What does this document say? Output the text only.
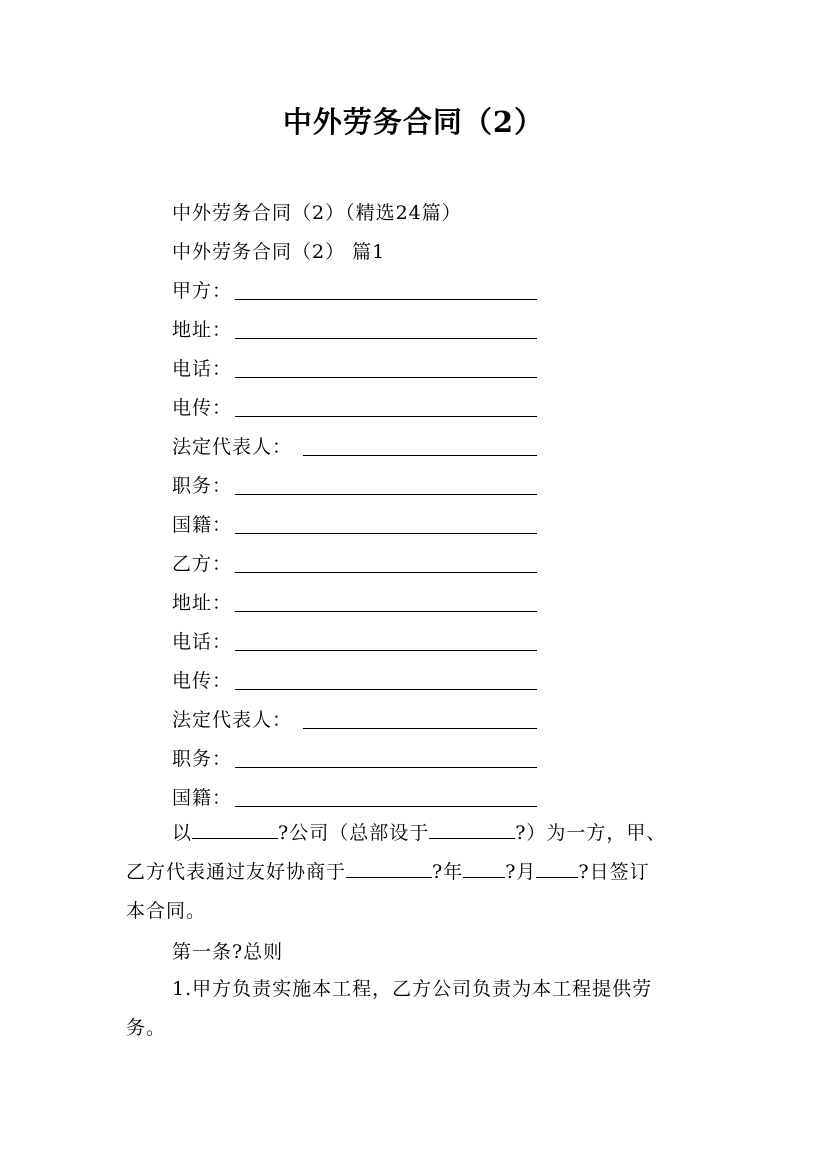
中外劳务合同（2）
中外劳务合同（2）（精选24篇）
中外劳务合同（2） 篇1
甲方：
地址：
电话：
电传：
法定代表人：
职务：
国籍：
乙方：
地址：
电话：
电传：
法定代表人：
职务：
国籍：
以	?公司（总部设于	?）为一方，甲、
乙方代表通过友好协商于	?年 ?月 ?日签订
本合同。
第一条?总则
1.甲方负责实施本工程，乙方公司负责为本工程提供劳
务。
